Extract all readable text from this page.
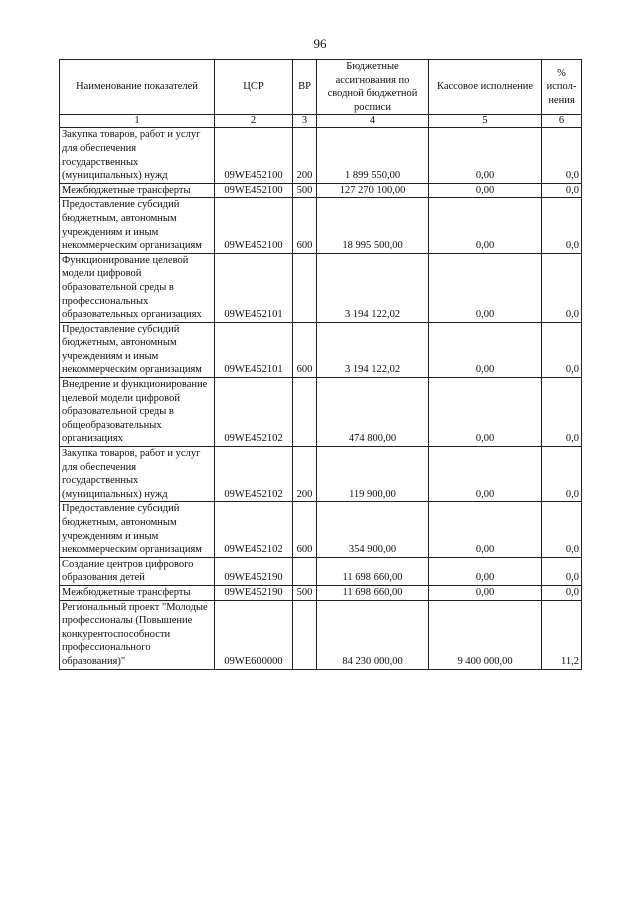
96
Наименование показателей	ЦСР	ВР	Бюджетные ассигнования по сводной бюджетной росписи	Кассовое исполнение	% испол-нения
1	2	3	4	5	6
Закупка товаров, работ и услуг для обеспечения государственных (муниципальных) нужд	09WE452100	200	1 899 550,00	0,00	0,0
Межбюджетные трансферты	09WE452100	500	127 270 100,00	0,00	0,0
Предоставление субсидий бюджетным, автономным учреждениям и иным некоммерческим организациям	09WE452100	600	18 995 500,00	0,00	0,0
Функционирование целевой модели цифровой образовательной среды в профессиональных образовательных организациях	09WE452101		3 194 122,02	0,00	0,0
Предоставление субсидий бюджетным, автономным учреждениям и иным некоммерческим организациям	09WE452101	600	3 194 122,02	0,00	0,0
Внедрение и функционирование целевой модели цифровой образовательной среды в общеобразовательных организациях	09WE452102		474 800,00	0,00	0,0
Закупка товаров, работ и услуг для обеспечения государственных (муниципальных) нужд	09WE452102	200	119 900,00	0,00	0,0
Предоставление субсидий бюджетным, автономным учреждениям и иным некоммерческим организациям	09WE452102	600	354 900,00	0,00	0,0
Создание центров цифрового образования детей	09WE452190		11 698 660,00	0,00	0,0
Межбюджетные трансферты	09WE452190	500	11 698 660,00	0,00	0,0
Региональный проект "Молодые профессионалы (Повышение конкурентоспособности профессионального образования)"	09WE600000		84 230 000,00	9 400 000,00	11,2
